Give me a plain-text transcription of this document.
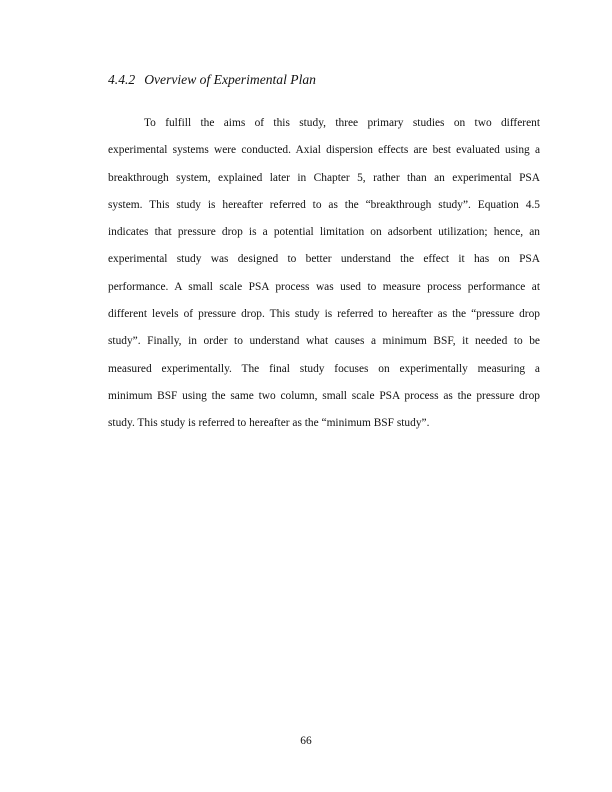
4.4.2 Overview of Experimental Plan
To fulfill the aims of this study, three primary studies on two different
experimental systems were conducted. Axial dispersion effects are best evaluated using a
breakthrough system, explained later in Chapter 5, rather than an experimental PSA
system. This study is hereafter referred to as the “breakthrough study”. Equation 4.5
indicates that pressure drop is a potential limitation on adsorbent utilization; hence, an
experimental study was designed to better understand the effect it has on PSA
performance. A small scale PSA process was used to measure process performance at
different levels of pressure drop. This study is referred to hereafter as the “pressure drop
study”. Finally, in order to understand what causes a minimum BSF, it needed to be
measured experimentally. The final study focuses on experimentally measuring a
minimum BSF using the same two column, small scale PSA process as the pressure drop
study. This study is referred to hereafter as the “minimum BSF study”.
66
